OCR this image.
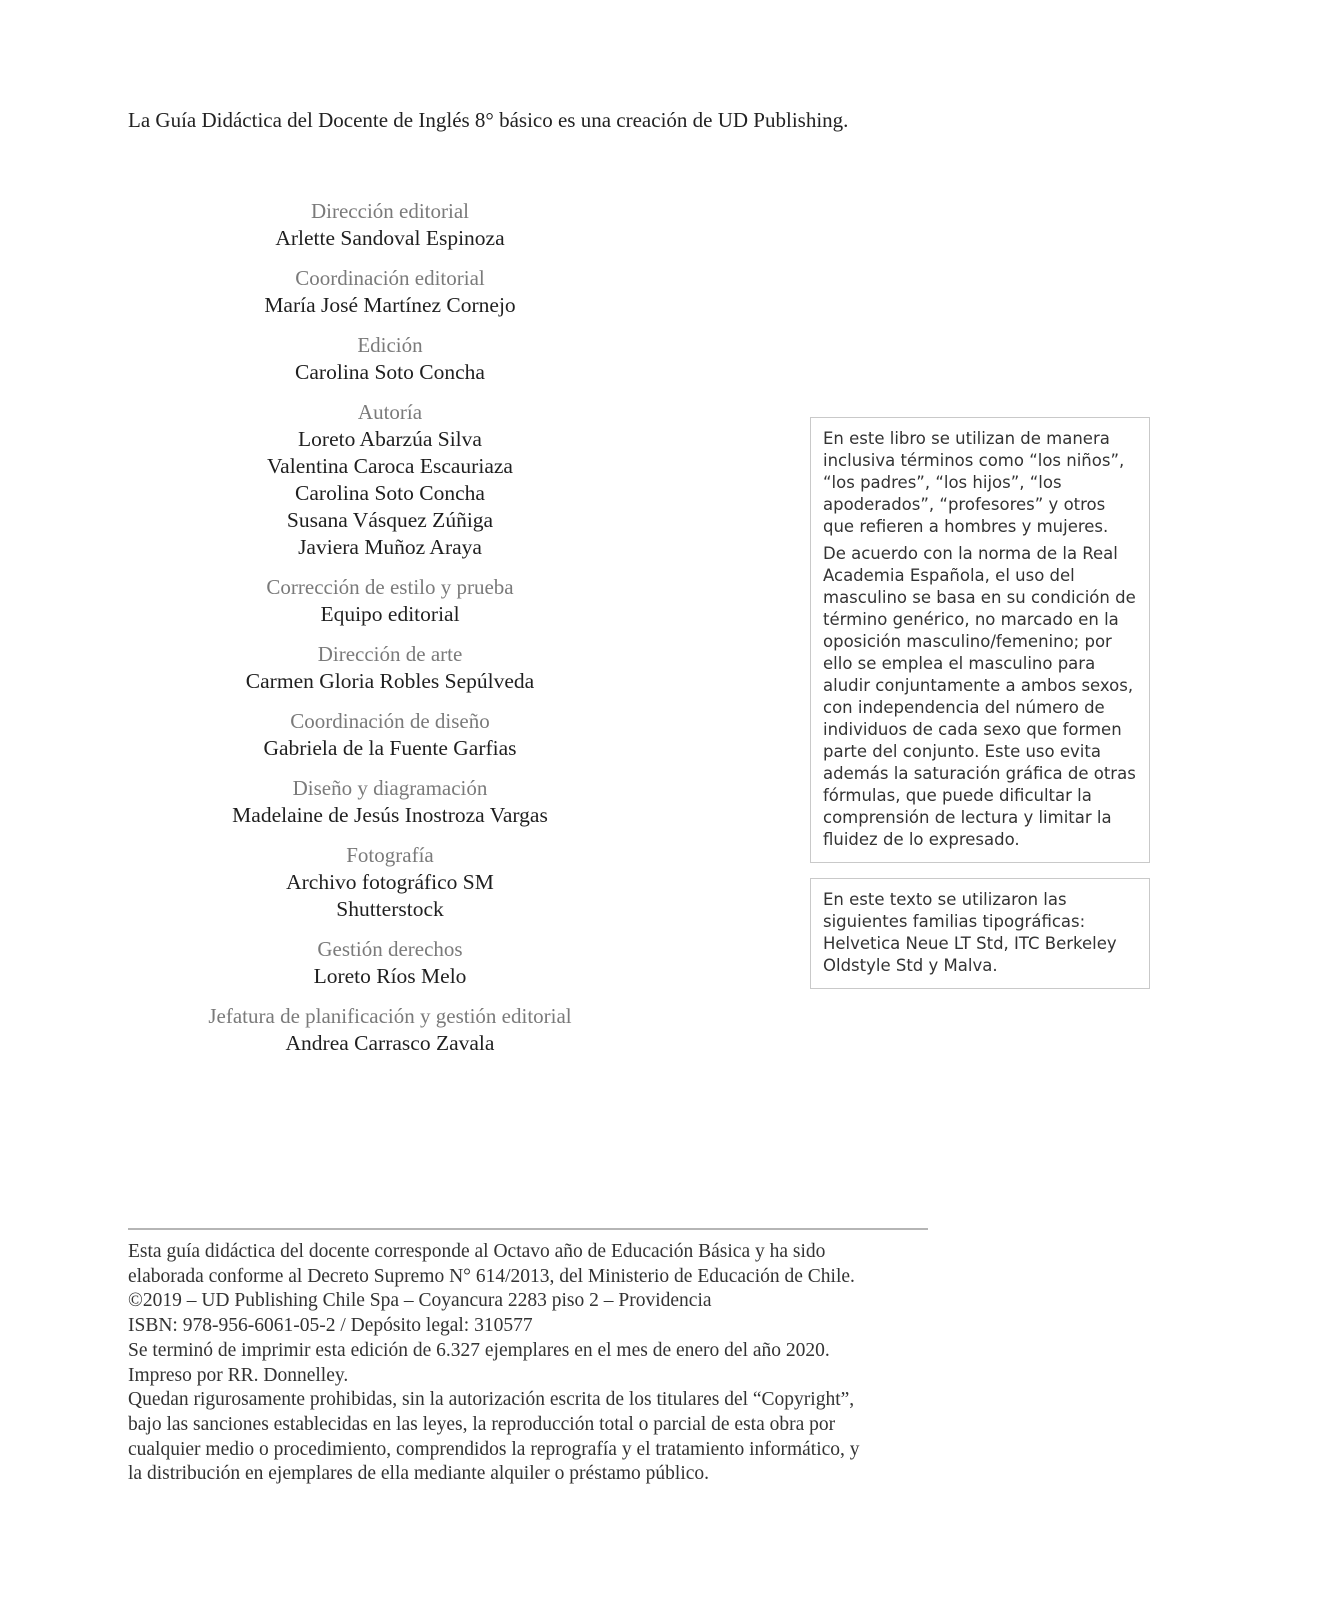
La Guía Didáctica del Docente de Inglés 8° básico es una creación de UD Publishing.
Dirección editorial
Arlette Sandoval Espinoza
Coordinación editorial
María José Martínez Cornejo
Edición
Carolina Soto Concha
Autoría
Loreto Abarzúa Silva
Valentina Caroca Escauriaza
Carolina Soto Concha
Susana Vásquez Zúñiga
Javiera Muñoz Araya
Corrección de estilo y prueba
Equipo editorial
Dirección de arte
Carmen Gloria Robles Sepúlveda
Coordinación de diseño
Gabriela de la Fuente Garfias
Diseño y diagramación
Madelaine de Jesús Inostroza Vargas
Fotografía
Archivo fotográfico SM
Shutterstock
Gestión derechos
Loreto Ríos Melo
Jefatura de planificación y gestión editorial
Andrea Carrasco Zavala

En este libro se utilizan de manera inclusiva términos como “los niños”, “los padres”, “los hijos”, “los apoderados”, “profesores” y otros que refieren a hombres y mujeres.

De acuerdo con la norma de la Real Academia Española, el uso del masculino se basa en su condición de término genérico, no marcado en la oposición masculino/femenino; por ello se emplea el masculino para aludir conjuntamente a ambos sexos, con independencia del número de individuos de cada sexo que formen parte del conjunto. Este uso evita además la saturación gráfica de otras fórmulas, que puede dificultar la comprensión de lectura y limitar la fluidez de lo expresado.

En este texto se utilizaron las siguientes familias tipográficas: Helvetica Neue LT Std, ITC Berkeley Oldstyle Std y Malva.

Esta guía didáctica del docente corresponde al Octavo año de Educación Básica y ha sido
elaborada conforme al Decreto Supremo N° 614/2013, del Ministerio de Educación de Chile.
©2019 – UD Publishing Chile Spa – Coyancura 2283 piso 2 – Providencia
ISBN: 978-956-6061-05-2 / Depósito legal: 310577
Se terminó de imprimir esta edición de 6.327 ejemplares en el mes de enero del año 2020.
Impreso por RR. Donnelley.
Quedan rigurosamente prohibidas, sin la autorización escrita de los titulares del “Copyright”,
bajo las sanciones establecidas en las leyes, la reproducción total o parcial de esta obra por
cualquier medio o procedimiento, comprendidos la reprografía y el tratamiento informático, y
la distribución en ejemplares de ella mediante alquiler o préstamo público.
